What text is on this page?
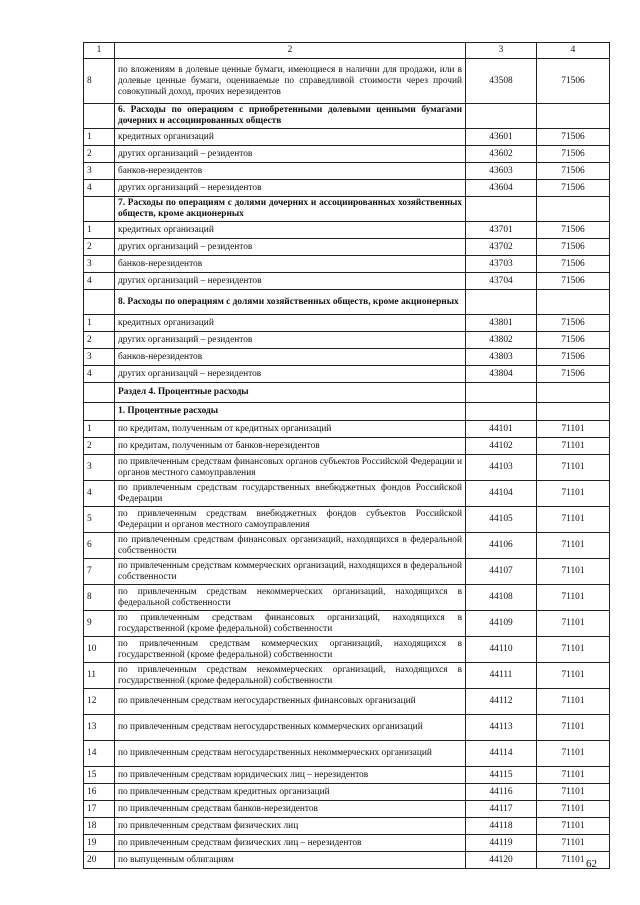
1	2	3	4
8	по вложениям в долевые ценные бумаги, имеющиеся в наличии для продажи, или в долевые ценные бумаги, оцениваемые по справедливой стоимости через прочий совокупный доход, прочих нерезидентов	43508	71506
	6. Расходы по операциям с приобретенными долевыми ценными бумагами дочерних и ассоциированных обществ		
1	кредитных организаций	43601	71506
2	других организаций – резидентов	43602	71506
3	банков-нерезидентов	43603	71506
4	других организаций – нерезидентов	43604	71506
	7. Расходы по операциям с долями дочерних и ассоциированных хозяйственных обществ, кроме акционерных		
1	кредитных организаций	43701	71506
2	других организаций – резидентов	43702	71506
3	банков-нерезидентов	43703	71506
4	других организаций – нерезидентов	43704	71506
	8. Расходы по операциям с долями хозяйственных обществ, кроме акционерных		
1	кредитных организаций	43801	71506
2	других организаций – резидентов	43802	71506
3	банков-нерезидентов	43803	71506
4	других организацчй – нерезидентов	43804	71506
	Раздел 4. Процентные расходы		
	1. Процентные расходы		
1	по кредитам, полученным от кредитных организаций	44101	71101
2	по кредитам, полученным от банков-нерезидентов	44102	71101
3	по привлеченным средствам финансовых органов субъектов Российской Федерации и органов местного самоуправления	44103	71101
4	по привлеченным средствам государственных внебюджетных фондов Российской Федерации	44104	71101
5	по привлеченным средствам внебюджетных фондов субъектов Российской Федерации и органов местного самоуправления	44105	71101
6	по привлеченным средствам финансовых организаций, находящихся в федеральной собственности	44106	71101
7	по привлеченным средствам коммерческих организаций, находящихся в федеральной собственности	44107	71101
8	по привлеченным средствам некоммерческих организаций, находящихся в федеральной собственности	44108	71101
9	по привлеченным средствам финансовых организаций, находящихся в государственной (кроме федеральной) собственности	44109	71101
10	по привлеченным средствам коммерческих организаций, находящихся в государственной (кроме федеральной) собственности	44110	71101
11	по привлеченным средствам некоммерческих организаций, находящихся в государственной (кроме федеральной) собственности	44111	71101
12	по привлеченным средствам негосударственных финансовых организаций	44112	71101
13	по привлеченным средствам негосударственных коммерческих организаций	44113	71101
14	по привлеченным средствам негосударственных некоммерческих организаций	44114	71101
15	по привлеченным средствам юридических лиц – нерезидентов	44115	71101
16	по привлеченным средствам кредитных организаций	44116	71101
17	по привлеченным средствам банков-нерезидентов	44117	71101
18	по привлеченным средствам физических лиц	44118	71101
19	по привлеченным средствам физических лиц – нерезидентов	44119	71101
20	по выпущенным облигациям	44120	71101 62
